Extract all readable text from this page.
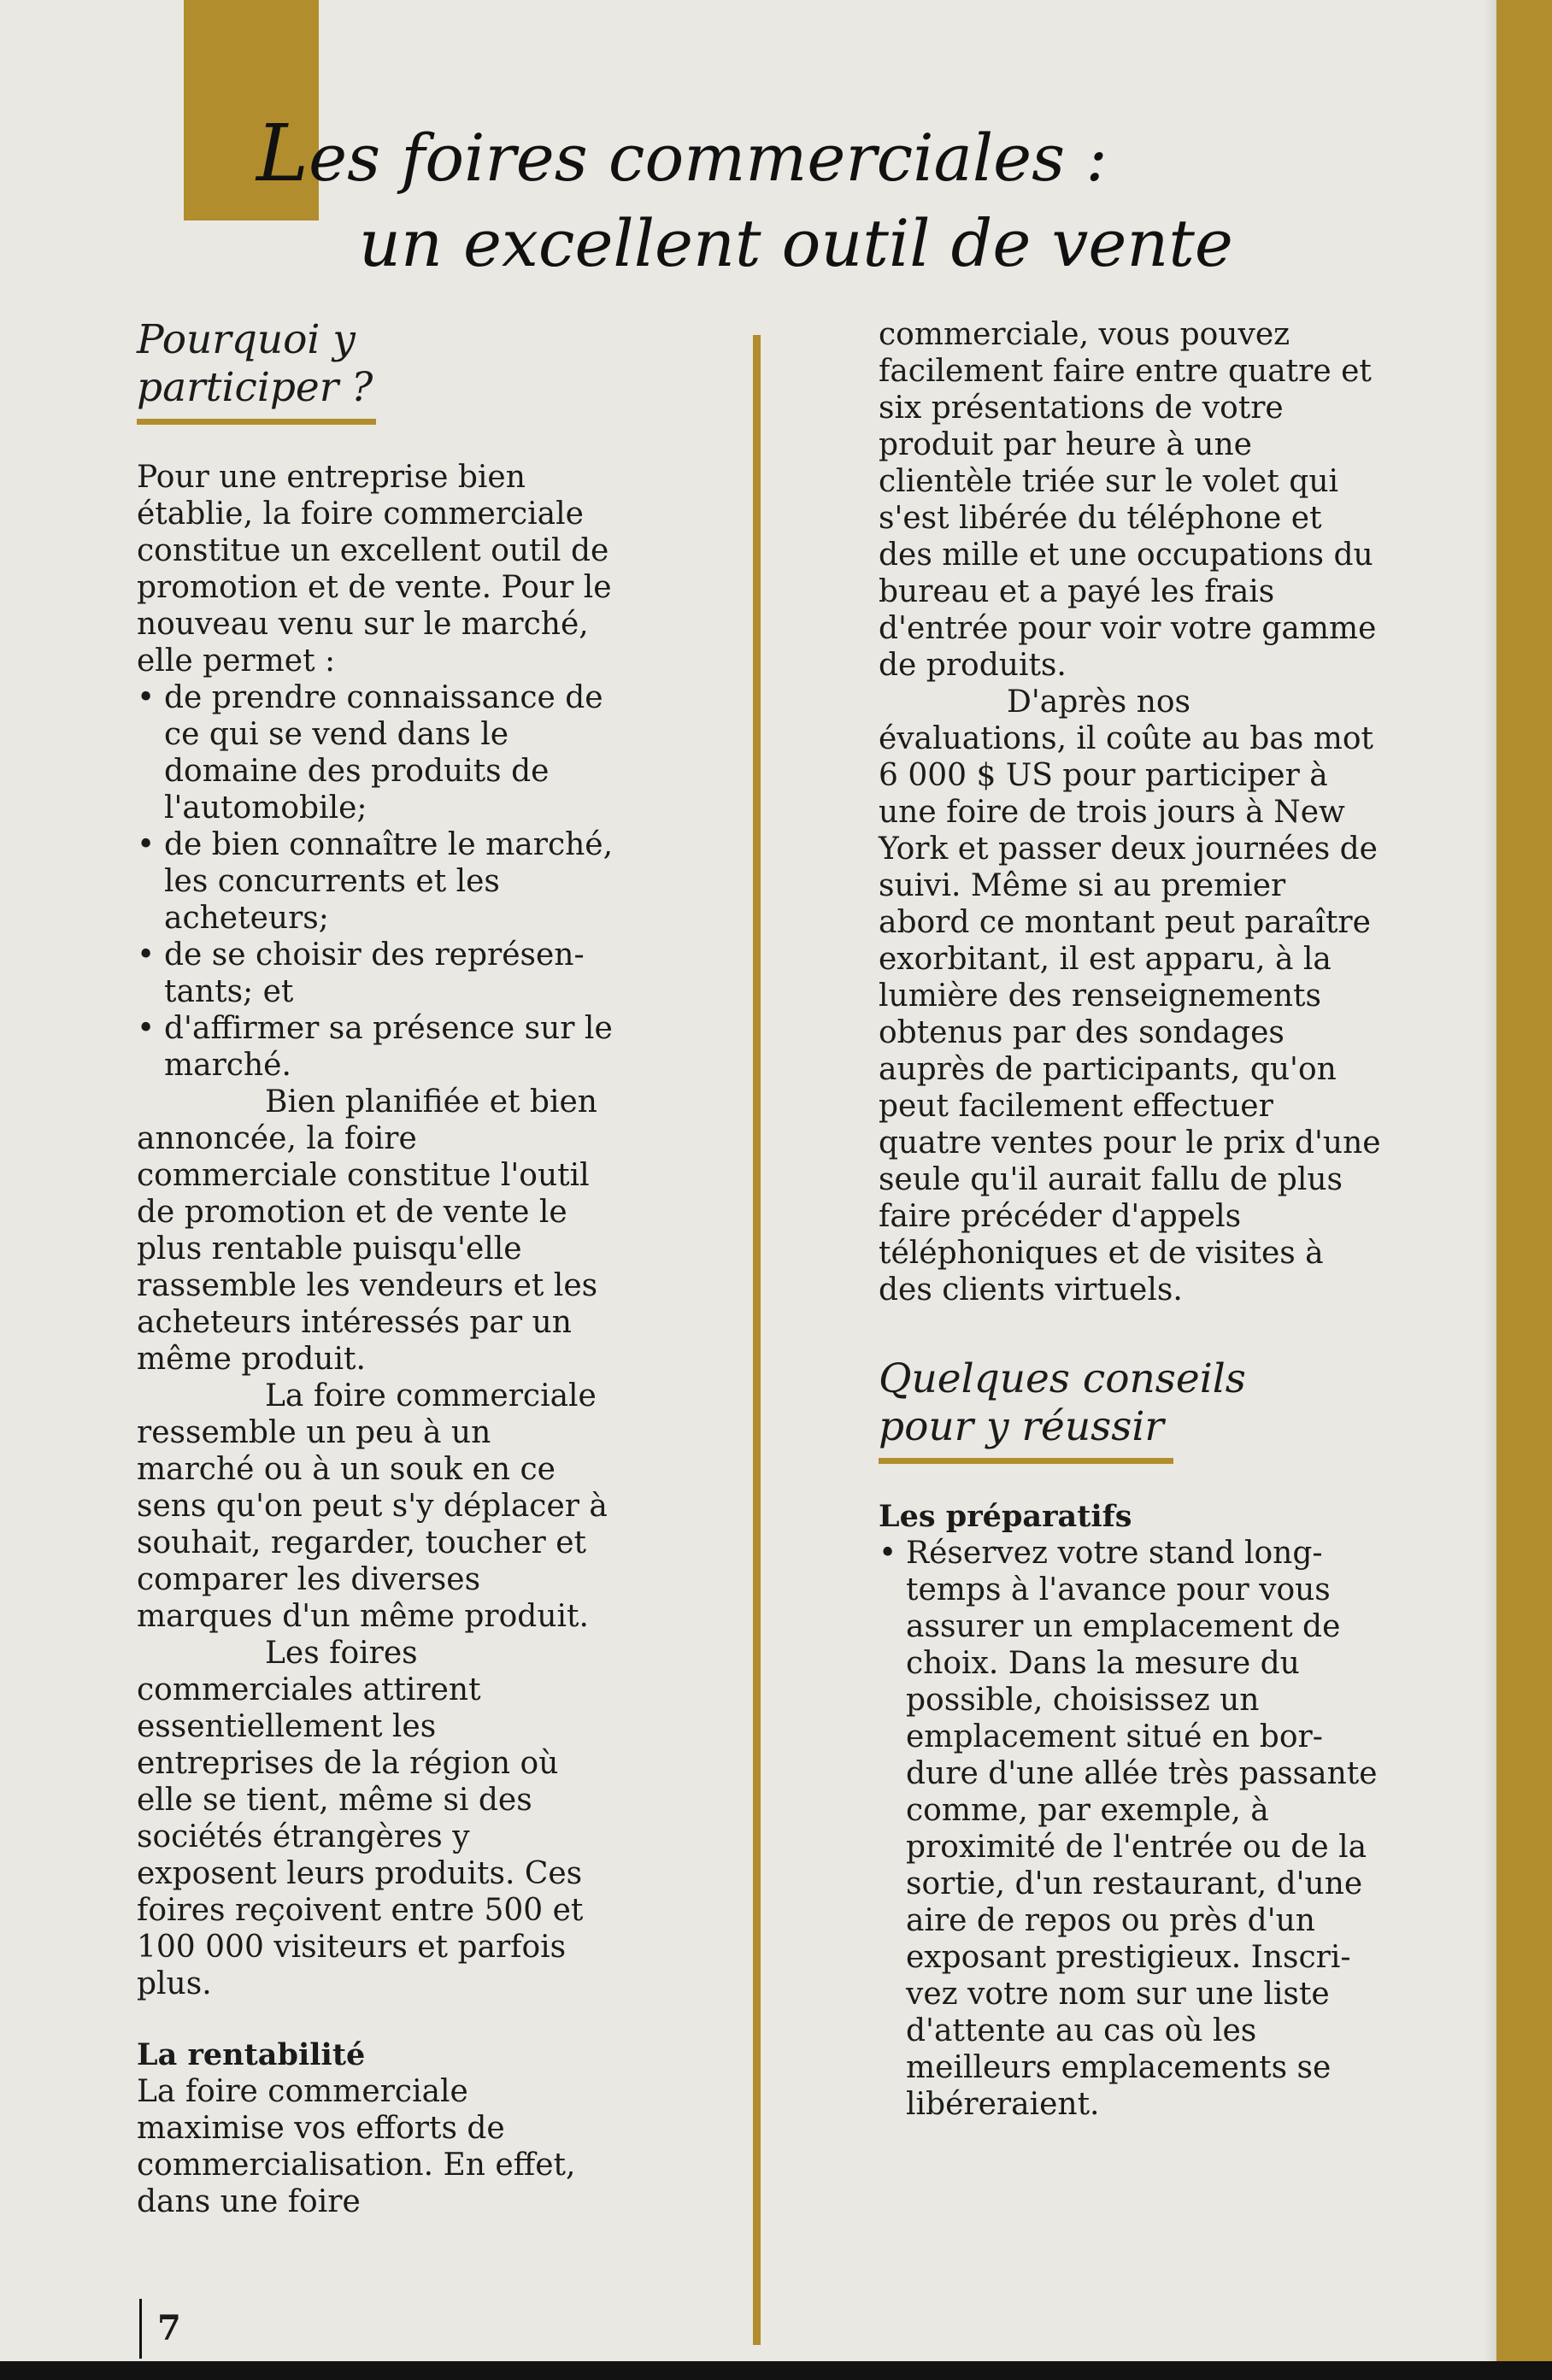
Les foires commerciales :
un excellent outil de vente
Pourquoi y
participer ?

Pour une entreprise bien établie, la foire commerciale constitue un excellent outil de promotion et de vente. Pour le nouveau venu sur le marché, elle permet :

• de prendre connaissance de ce qui se vend dans le domaine des produits de l'automobile;
• de bien connaître le marché, les concurrents et les acheteurs;
• de se choisir des représentants; et
• d'affirmer sa présence sur le marché.

Bien planifiée et bien annoncée, la foire commerciale constitue l'outil de promotion et de vente le plus rentable puisqu'elle rassemble les vendeurs et les acheteurs intéressés par un même produit.

La foire commerciale ressemble un peu à un marché ou à un souk en ce sens qu'on peut s'y déplacer à souhait, regarder, toucher et comparer les diverses marques d'un même produit.

Les foires commerciales attirent essentiellement les entreprises de la région où elle se tient, même si des sociétés étrangères y exposent leurs produits. Ces foires reçoivent entre 500 et 100 000 visiteurs et parfois plus.

La rentabilité

La foire commerciale maximise vos efforts de commercialisation. En effet, dans une foire

commerciale, vous pouvez facilement faire entre quatre et six présentations de votre produit par heure à une clientèle triée sur le volet qui s'est libérée du téléphone et des mille et une occupations du bureau et a payé les frais d'entrée pour voir votre gamme de produits.

D'après nos évaluations, il coûte au bas mot 6 000 $ US pour participer à une foire de trois jours à New York et passer deux journées de suivi. Même si au premier abord ce montant peut paraître exorbitant, il est apparu, à la lumière des renseignements obtenus par des sondages auprès de participants, qu'on peut facilement effectuer quatre ventes pour le prix d'une seule qu'il aurait fallu de plus faire précéder d'appels téléphoniques et de visites à des clients virtuels.

Quelques conseils
pour y réussir

Les préparatifs

• Réservez votre stand longtemps à l'avance pour vous assurer un emplacement de choix. Dans la mesure du possible, choisissez un emplacement situé en bordure d'une allée très passante comme, par exemple, à proximité de l'entrée ou de la sortie, d'un restaurant, d'une aire de repos ou près d'un exposant prestigieux. Inscrivez votre nom sur une liste d'attente au cas où les meilleurs emplacements se libéreraient.
7
